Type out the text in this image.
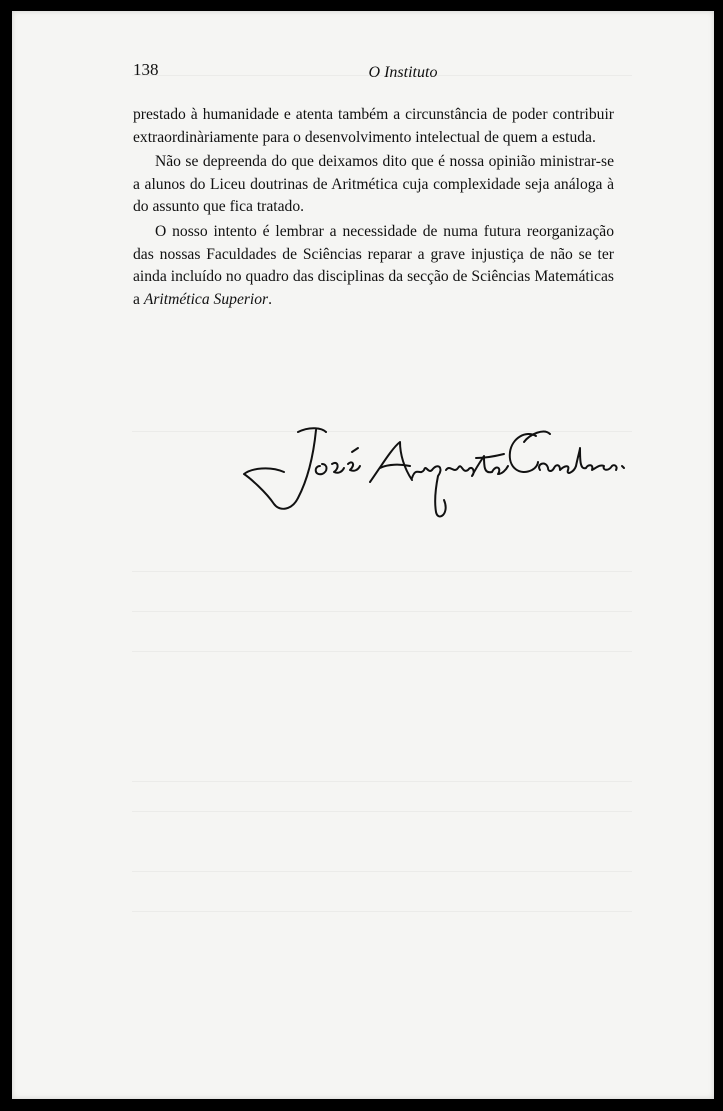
138	O Instituto

prestado à humanidade e atenta também a circunstância de poder contribuir extraordinàriamente para o desenvolvimento intelectual de quem a estuda.

Não se depreenda do que deixamos dito que é nossa opinião ministrar-se a alunos do Liceu doutrinas de Aritmética cuja complexidade seja análoga à do assunto que fica tratado.

O nosso intento é lembrar a necessidade de numa futura reorganização das nossas Faculdades de Sciências reparar a grave injustiça de não se ter ainda incluído no quadro das disciplinas da secção de Sciências Matemáticas a Aritmética Superior.
